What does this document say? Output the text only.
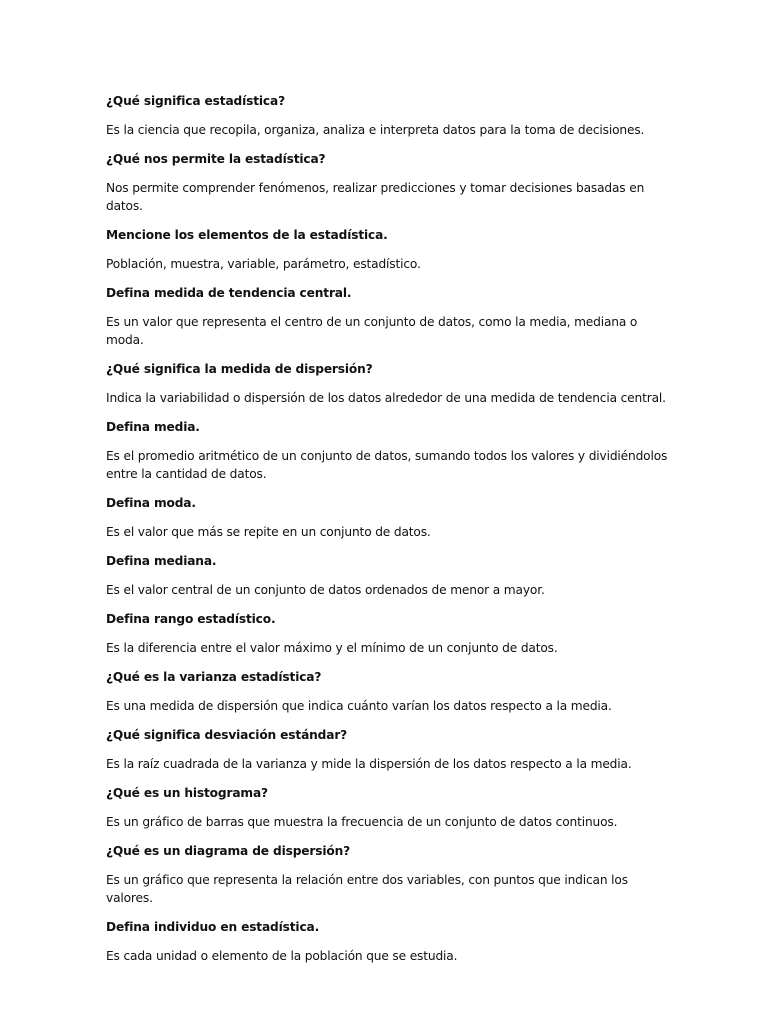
¿Qué significa estadística?

Es la ciencia que recopila, organiza, analiza e interpreta datos para la toma de decisiones.

¿Qué nos permite la estadística?

Nos permite comprender fenómenos, realizar predicciones y tomar decisiones basadas en datos.

Mencione los elementos de la estadística.

Población, muestra, variable, parámetro, estadístico.

Defina medida de tendencia central.

Es un valor que representa el centro de un conjunto de datos, como la media, mediana o moda.

¿Qué significa la medida de dispersión?

Indica la variabilidad o dispersión de los datos alrededor de una medida de tendencia central.

Defina media.

Es el promedio aritmético de un conjunto de datos, sumando todos los valores y dividiéndolos entre la cantidad de datos.

Defina moda.

Es el valor que más se repite en un conjunto de datos.

Defina mediana.

Es el valor central de un conjunto de datos ordenados de menor a mayor.

Defina rango estadístico.

Es la diferencia entre el valor máximo y el mínimo de un conjunto de datos.

¿Qué es la varianza estadística?

Es una medida de dispersión que indica cuánto varían los datos respecto a la media.

¿Qué significa desviación estándar?

Es la raíz cuadrada de la varianza y mide la dispersión de los datos respecto a la media.

¿Qué es un histograma?

Es un gráfico de barras que muestra la frecuencia de un conjunto de datos continuos.

¿Qué es un diagrama de dispersión?

Es un gráfico que representa la relación entre dos variables, con puntos que indican los valores.

Defina individuo en estadística.

Es cada unidad o elemento de la población que se estudia.
